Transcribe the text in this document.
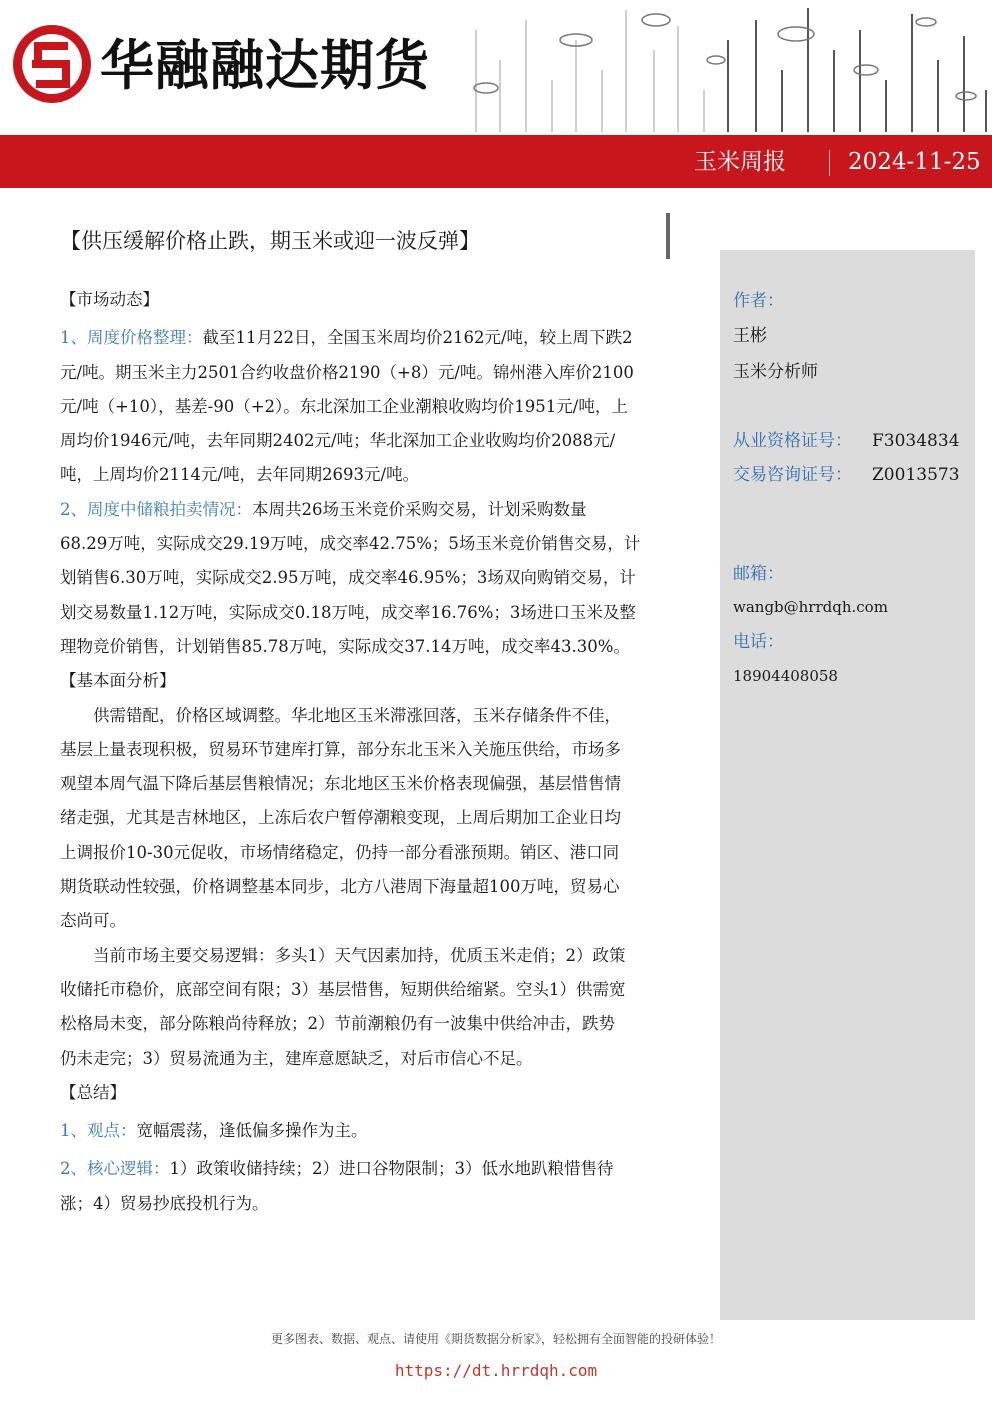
华融融达期货
玉米周报	2024-11-25
【供压缓解价格止跌，期玉米或迎一波反弹】
作者：
王彬
玉米分析师
从业资格证号： F3034834
交易咨询证号： Z0013573
邮箱：
wangb@hrrdqh.com
电话：
18904408058

【市场动态】

1、周度价格整理：截至11月22日，全国玉米周均价2162元/吨，较上周下跌2
元/吨。期玉米主力2501合约收盘价格2190（+8）元/吨。锦州港入库价2100
元/吨（+10），基差-90（+2）。东北深加工企业潮粮收购均价1951元/吨，上
周均价1946元/吨，去年同期2402元/吨；华北深加工企业收购均价2088元/
吨，上周均价2114元/吨，去年同期2693元/吨。

2、周度中储粮拍卖情况：本周共26场玉米竞价采购交易，计划采购数量
68.29万吨，实际成交29.19万吨，成交率42.75%；5场玉米竞价销售交易，计
划销售6.30万吨，实际成交2.95万吨，成交率46.95%；3场双向购销交易，计
划交易数量1.12万吨，实际成交0.18万吨，成交率16.76%；3场进口玉米及整
理物竞价销售，计划销售85.78万吨，实际成交37.14万吨，成交率43.30%。

【基本面分析】

供需错配，价格区域调整。华北地区玉米滞涨回落，玉米存储条件不佳，
基层上量表现积极，贸易环节建库打算，部分东北玉米入关施压供给，市场多
观望本周气温下降后基层售粮情况；东北地区玉米价格表现偏强，基层惜售情
绪走强，尤其是吉林地区，上冻后农户暂停潮粮变现，上周后期加工企业日均
上调报价10-30元促收，市场情绪稳定，仍持一部分看涨预期。销区、港口同
期货联动性较强，价格调整基本同步，北方八港周下海量超100万吨，贸易心
态尚可。

当前市场主要交易逻辑：多头1）天气因素加持，优质玉米走俏；2）政策
收储托市稳价，底部空间有限；3）基层惜售，短期供给缩紧。空头1）供需宽
松格局未变，部分陈粮尚待释放；2）节前潮粮仍有一波集中供给冲击，跌势
仍未走完；3）贸易流通为主，建库意愿缺乏，对后市信心不足。

【总结】

1、观点：宽幅震荡，逢低偏多操作为主。

2、核心逻辑：1）政策收储持续；2）进口谷物限制；3）低水地趴粮惜售待
涨；4）贸易抄底投机行为。

更多图表、数据、观点、请使用《期货数据分析家》，轻松拥有全面智能的投研体验！
https://dt.hrrdqh.com
